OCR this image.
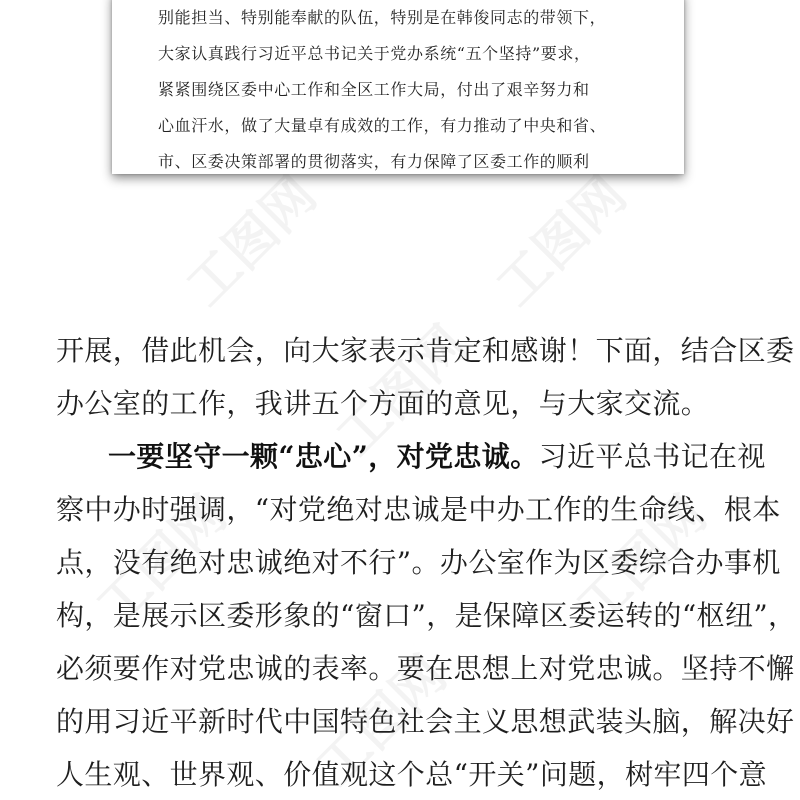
工图网	工图网
工图网
工图网	工图网
工图网
别能担当、特别能奉献的队伍，特别是在韩俊同志的带领下，
大家认真践行习近平总书记关于党办系统“五个坚持”要求，
紧紧围绕区委中心工作和全区工作大局，付出了艰辛努力和
心血汗水，做了大量卓有成效的工作，有力推动了中央和省、
市、区委决策部署的贯彻落实，有力保障了区委工作的顺利
开展，借此机会，向大家表示肯定和感谢！下面，结合区委
办公室的工作，我讲五个方面的意见，与大家交流。
一要坚守一颗“忠心”，对党忠诚。习近平总书记在视
察中办时强调，“对党绝对忠诚是中办工作的生命线、根本
点，没有绝对忠诚绝对不行”。办公室作为区委综合办事机
构，是展示区委形象的“窗口”，是保障区委运转的“枢纽”，
必须要作对党忠诚的表率。要在思想上对党忠诚。坚持不懈
的用习近平新时代中国特色社会主义思想武装头脑，解决好
人生观、世界观、价值观这个总“开关”问题，树牢四个意
